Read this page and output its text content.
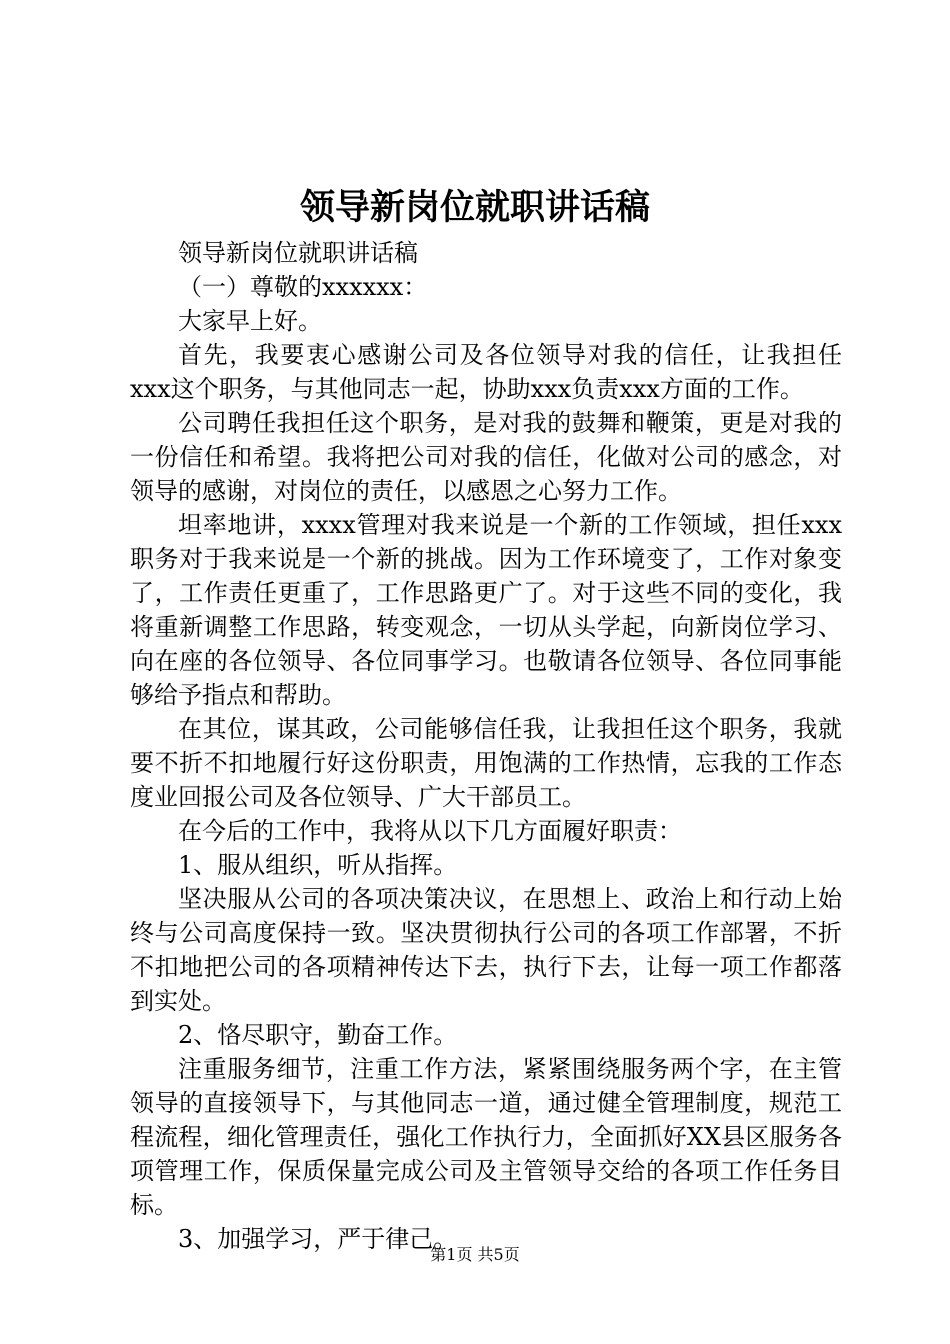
领导新岗位就职讲话稿

领导新岗位就职讲话稿

（一）尊敬的xxxxxx：

大家早上好。

首先，我要衷心感谢公司及各位领导对我的信任，让我担任xxx这个职务，与其他同志一起，协助xxx负责xxx方面的工作。

公司聘任我担任这个职务，是对我的鼓舞和鞭策，更是对我的一份信任和希望。我将把公司对我的信任，化做对公司的感念，对领导的感谢，对岗位的责任，以感恩之心努力工作。

坦率地讲，xxxx管理对我来说是一个新的工作领域，担任xxx职务对于我来说是一个新的挑战。因为工作环境变了，工作对象变了，工作责任更重了，工作思路更广了。对于这些不同的变化，我将重新调整工作思路，转变观念，一切从头学起，向新岗位学习、向在座的各位领导、各位同事学习。也敬请各位领导、各位同事能够给予指点和帮助。

在其位，谋其政，公司能够信任我，让我担任这个职务，我就要不折不扣地履行好这份职责，用饱满的工作热情，忘我的工作态度业回报公司及各位领导、广大干部员工。

在今后的工作中，我将从以下几方面履好职责：

1、服从组织，听从指挥。

坚决服从公司的各项决策决议，在思想上、政治上和行动上始终与公司高度保持一致。坚决贯彻执行公司的各项工作部署，不折不扣地把公司的各项精神传达下去，执行下去，让每一项工作都落到实处。

2、恪尽职守，勤奋工作。

注重服务细节，注重工作方法，紧紧围绕服务两个字，在主管领导的直接领导下，与其他同志一道，通过健全管理制度，规范工程流程，细化管理责任，强化工作执行力，全面抓好XX县区服务各项管理工作，保质保量完成公司及主管领导交给的各项工作任务目标。

3、加强学习，严于律己。

第1页 共5页
